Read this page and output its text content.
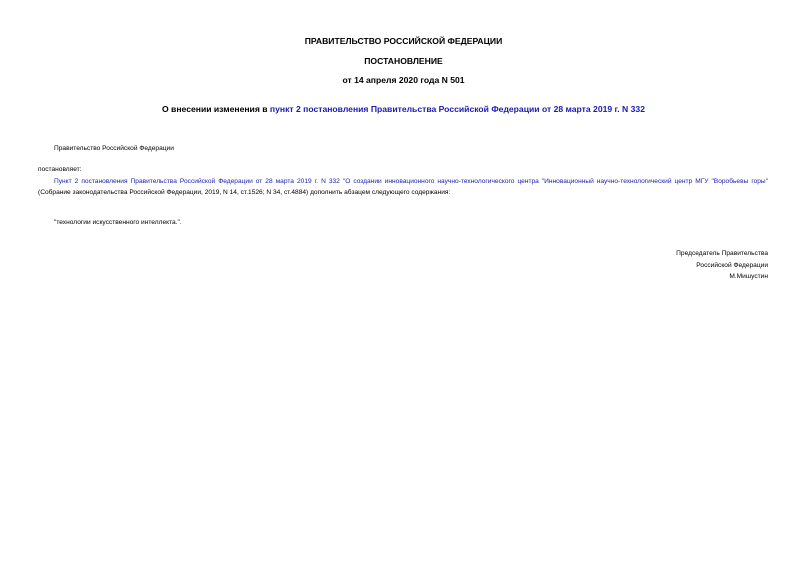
ПРАВИТЕЛЬСТВО РОССИЙСКОЙ ФЕДЕРАЦИИ
ПОСТАНОВЛЕНИЕ
от 14 апреля 2020 года N 501
О внесении изменения в пункт 2 постановления Правительства Российской Федерации от 28 марта 2019 г. N 332
Правительство Российской Федерации
постановляет:
Пункт 2 постановления Правительства Российской Федерации от 28 марта 2019 г. N 332 "О создании инновационного научно-технологического центра "Инновационный научно-технологический центр МГУ "Воробьевы горы" (Собрание законодательства Российской Федерации, 2019, N 14, ст.1526; N 34, ст.4884) дополнить абзацем следующего содержания:
"технологии искусственного интеллекта.".
Председатель Правительства
Российской Федерации
М.Мишустин
